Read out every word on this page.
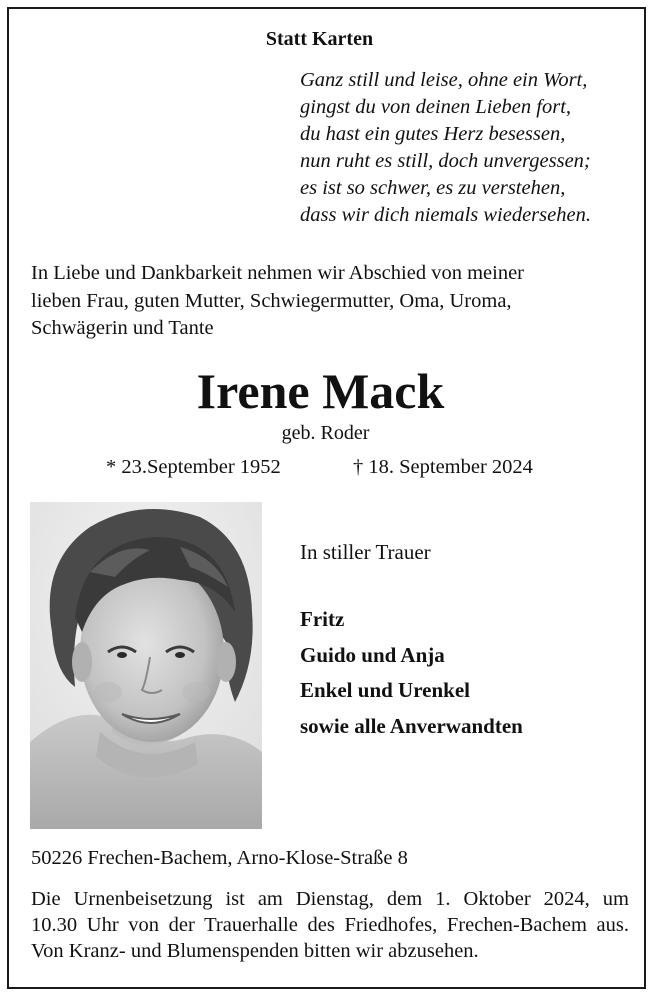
Statt Karten
Ganz still und leise, ohne ein Wort,
gingst du von deinen Lieben fort,
du hast ein gutes Herz besessen,
nun ruht es still, doch unvergessen;
es ist so schwer, es zu verstehen,
dass wir dich niemals wiedersehen.
In Liebe und Dankbarkeit nehmen wir Abschied von meiner
lieben Frau, guten Mutter, Schwiegermutter, Oma, Uroma,
Schwägerin und Tante
Irene Mack
geb. Roder
* 23.September 1952	† 18. September 2024
In stiller Trauer
Fritz
Guido und Anja
Enkel und Urenkel
sowie alle Anverwandten
50226 Frechen-Bachem, Arno-Klose-Straße 8
Die Urnenbeisetzung ist am Dienstag, dem 1. Oktober 2024, um
10.30 Uhr von der Trauerhalle des Friedhofes, Frechen-Bachem aus.
Von Kranz- und Blumenspenden bitten wir abzusehen.
